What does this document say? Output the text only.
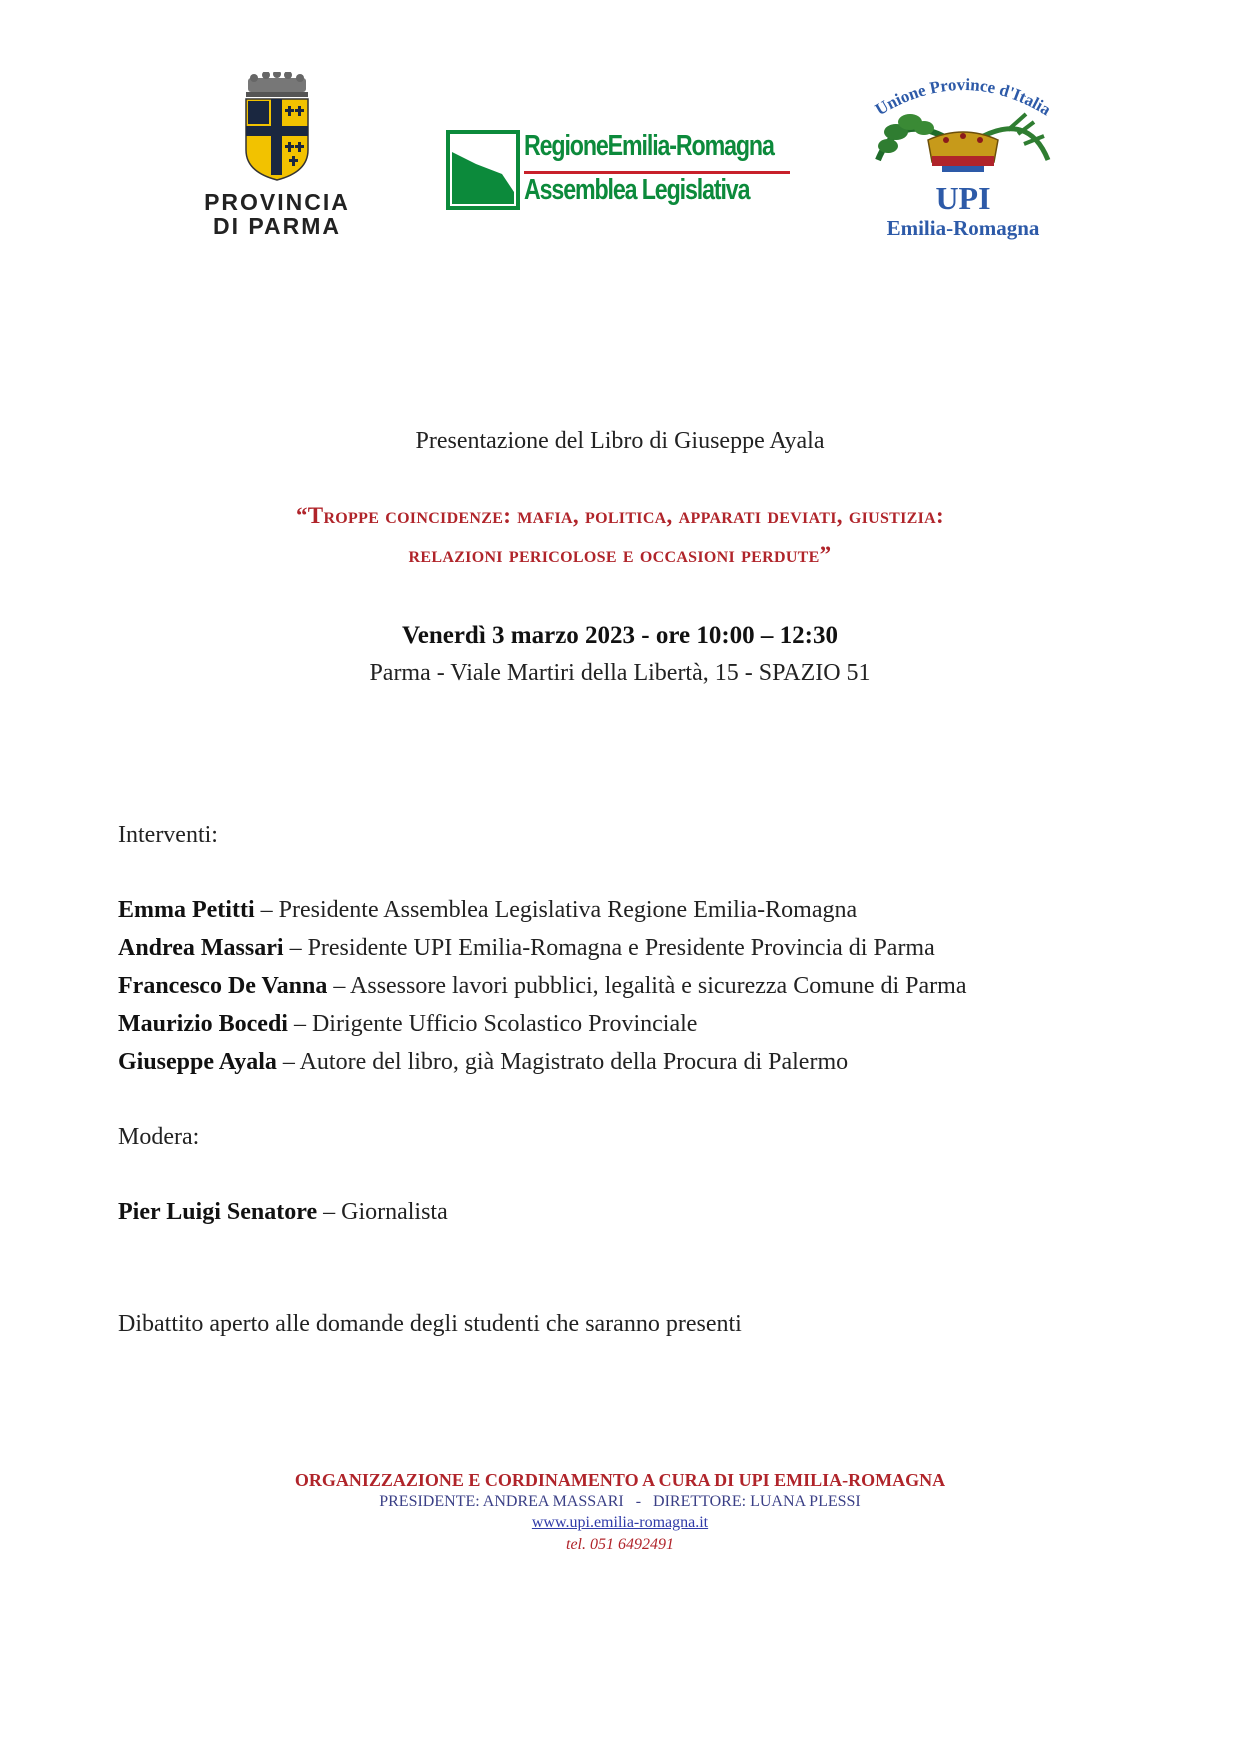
PROVINCIA
DI PARMA
RegioneEmilia-Romagna
Assemblea Legislativa
Unione Province d'Italia
UPI
Emilia-Romagna
Presentazione del Libro di Giuseppe Ayala
“Troppe coincidenze: mafia, politica, apparati deviati, giustizia:
relazioni pericolose e occasioni perdute”
Venerdì 3 marzo 2023 - ore 10:00 – 12:30
Parma - Viale Martiri della Libertà, 15 - SPAZIO 51
Interventi:
Emma Petitti – Presidente Assemblea Legislativa Regione Emilia-Romagna
Andrea Massari – Presidente UPI Emilia-Romagna e Presidente Provincia di Parma
Francesco De Vanna – Assessore lavori pubblici, legalità e sicurezza Comune di Parma
Maurizio Bocedi – Dirigente Ufficio Scolastico Provinciale
Giuseppe Ayala – Autore del libro, già Magistrato della Procura di Palermo
Modera:
Pier Luigi Senatore – Giornalista
Dibattito aperto alle domande degli studenti che saranno presenti
ORGANIZZAZIONE E CORDINAMENTO A CURA DI UPI EMILIA-ROMAGNA
PRESIDENTE: ANDREA MASSARI   -   DIRETTORE: LUANA PLESSI
www.upi.emilia-romagna.it
tel. 051 6492491
